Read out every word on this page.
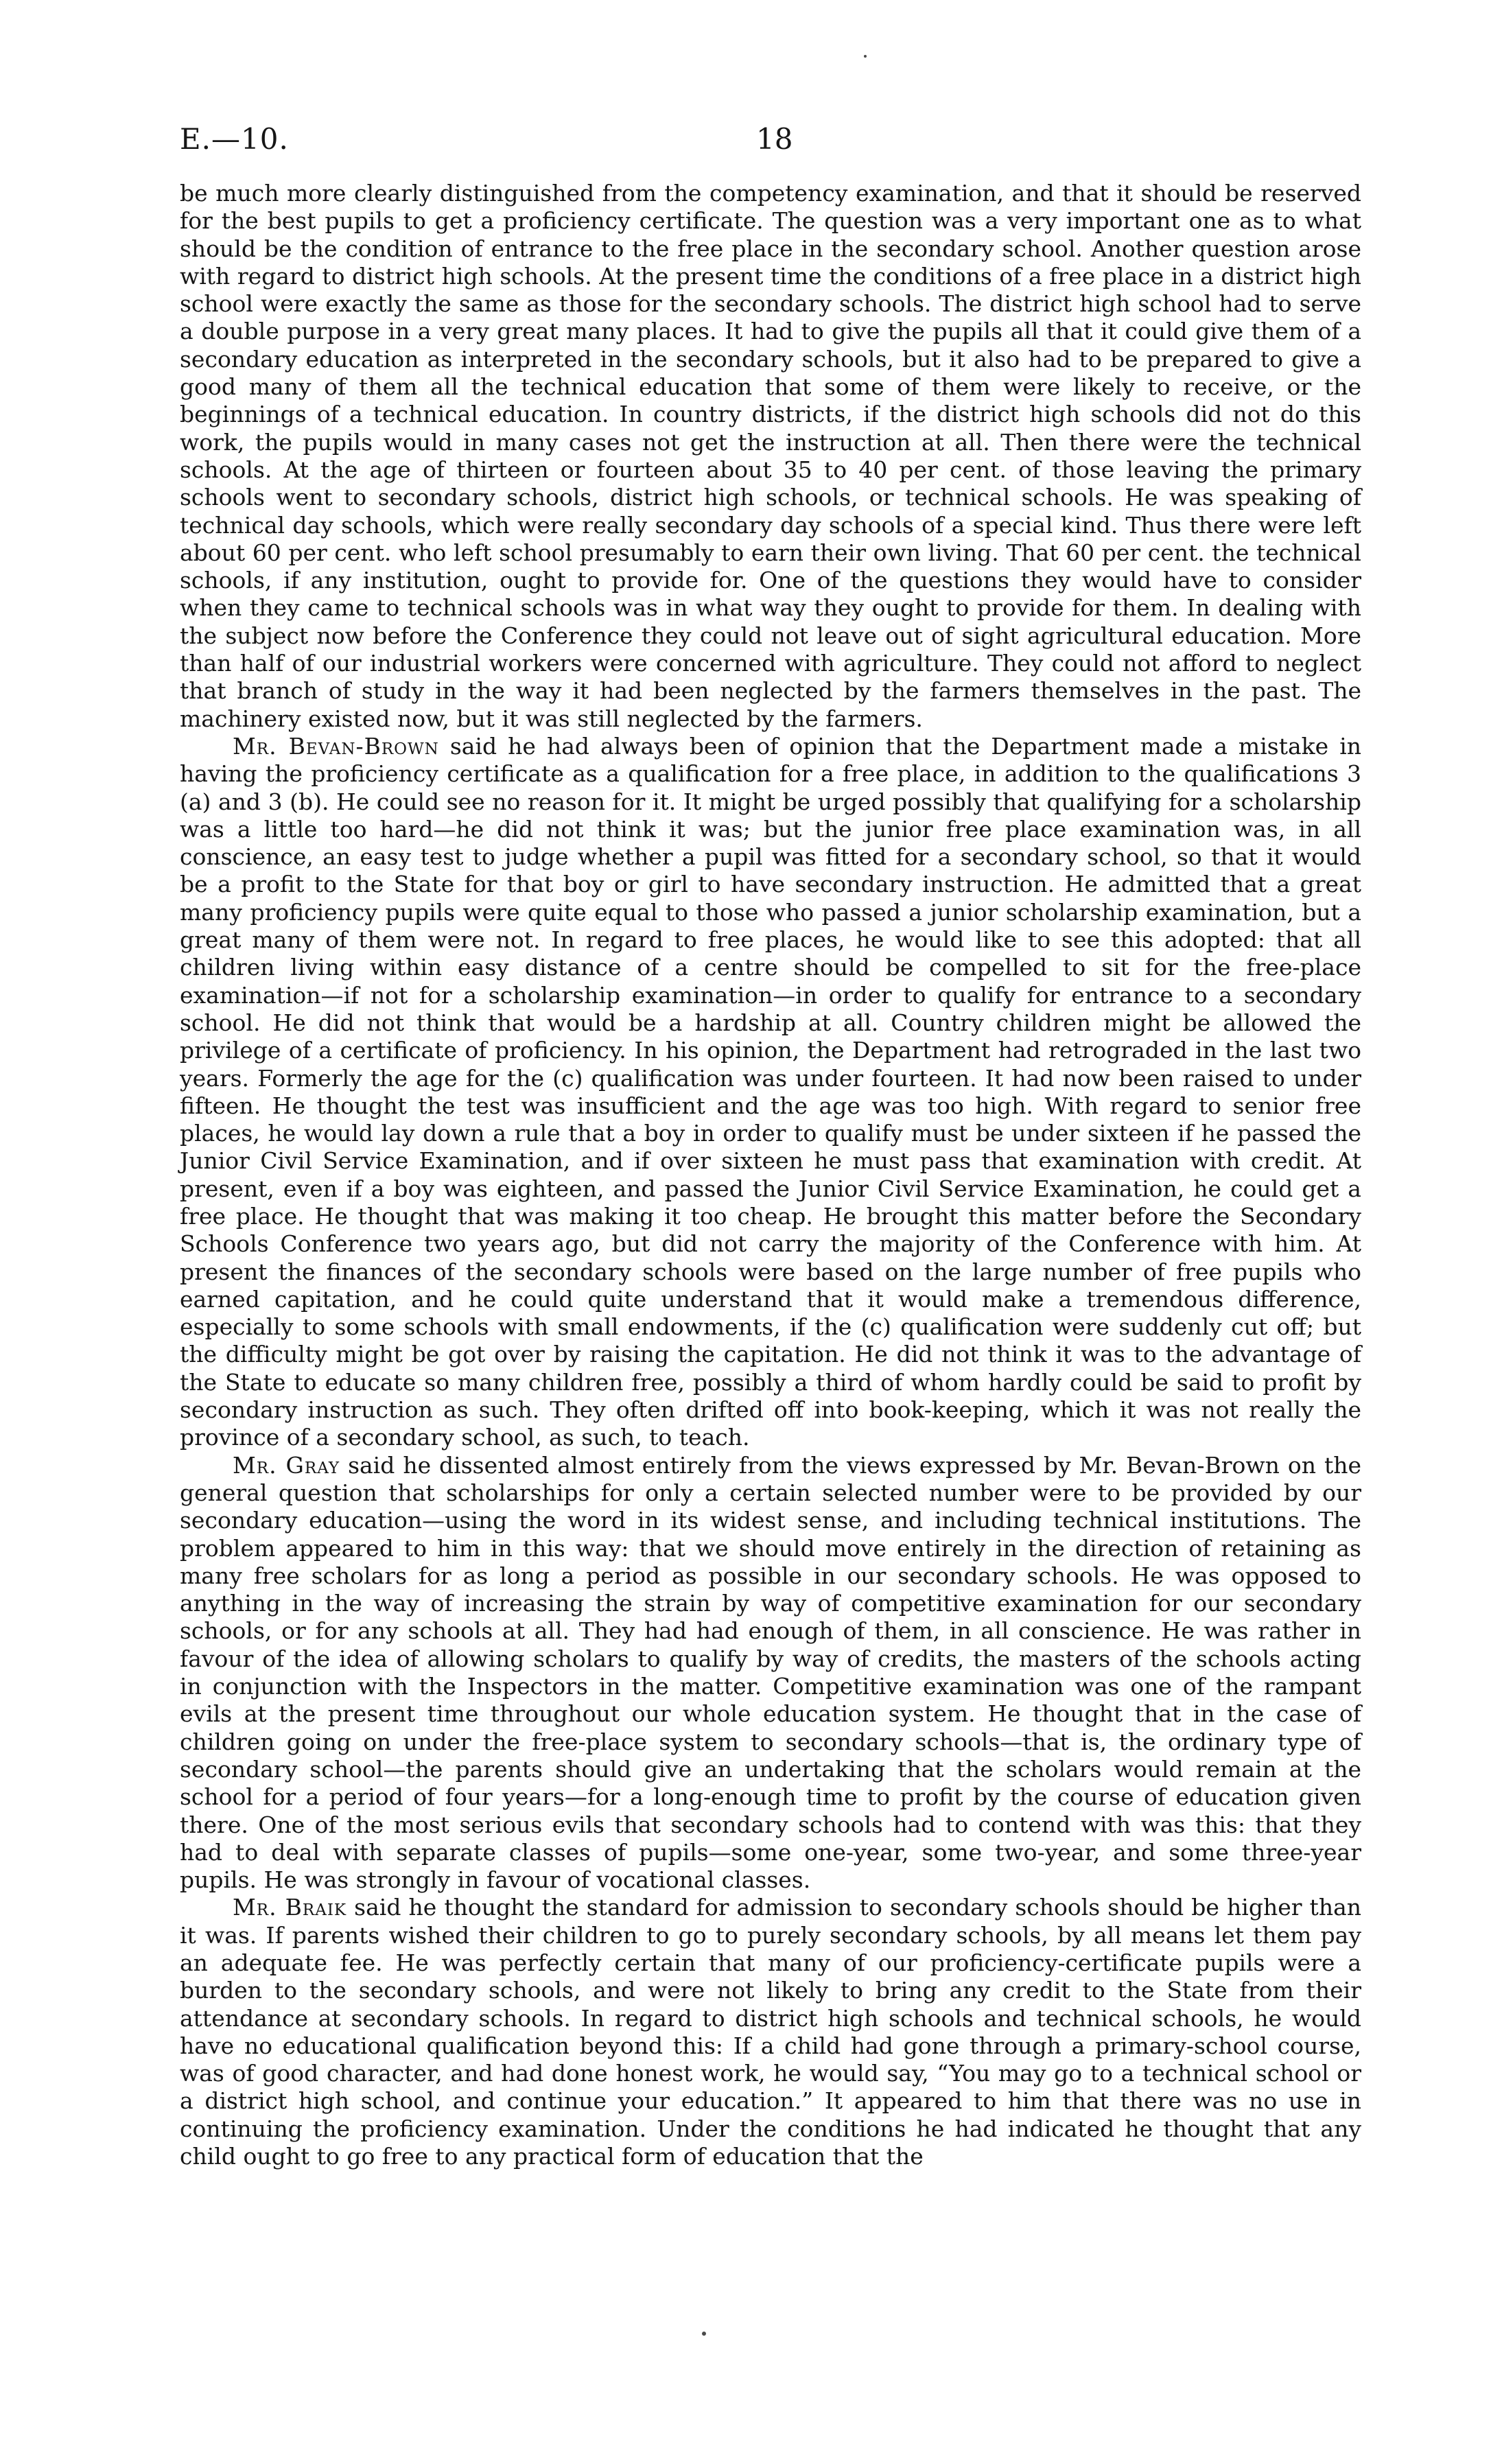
E.—10.	18

be much more clearly distinguished from the competency examination, and that it should be reserved for the best pupils to get a proficiency certificate. The question was a very important one as to what should be the condition of entrance to the free place in the secondary school. Another question arose with regard to district high schools. At the present time the conditions of a free place in a district high school were exactly the same as those for the secondary schools. The district high school had to serve a double purpose in a very great many places. It had to give the pupils all that it could give them of a secondary education as interpreted in the secondary schools, but it also had to be prepared to give a good many of them all the technical education that some of them were likely to receive, or the beginnings of a technical education. In country districts, if the district high schools did not do this work, the pupils would in many cases not get the instruction at all. Then there were the technical schools. At the age of thirteen or fourteen about 35 to 40 per cent. of those leaving the primary schools went to secondary schools, district high schools, or technical schools. He was speaking of technical day schools, which were really secondary day schools of a special kind. Thus there were left about 60 per cent. who left school presumably to earn their own living. That 60 per cent. the technical schools, if any institution, ought to provide for. One of the questions they would have to consider when they came to technical schools was in what way they ought to provide for them. In dealing with the subject now before the Conference they could not leave out of sight agricultural education. More than half of our industrial workers were concerned with agriculture. They could not afford to neglect that branch of study in the way it had been neglected by the farmers themselves in the past. The machinery existed now, but it was still neglected by the farmers.

Mr. Bevan-Brown said he had always been of opinion that the Department made a mistake in having the proficiency certificate as a qualification for a free place, in addition to the qualifications 3 (a) and 3 (b). He could see no reason for it. It might be urged possibly that qualifying for a scholarship was a little too hard—he did not think it was; but the junior free place examination was, in all conscience, an easy test to judge whether a pupil was fitted for a secondary school, so that it would be a profit to the State for that boy or girl to have secondary instruction. He admitted that a great many proficiency pupils were quite equal to those who passed a junior scholarship examination, but a great many of them were not. In regard to free places, he would like to see this adopted: that all children living within easy distance of a centre should be compelled to sit for the free-place examination—if not for a scholarship examination—in order to qualify for entrance to a secondary school. He did not think that would be a hardship at all. Country children might be allowed the privilege of a certificate of proficiency. In his opinion, the Department had retrograded in the last two years. Formerly the age for the (c) qualification was under fourteen. It had now been raised to under fifteen. He thought the test was insufficient and the age was too high. With regard to senior free places, he would lay down a rule that a boy in order to qualify must be under sixteen if he passed the Junior Civil Service Examination, and if over sixteen he must pass that examination with credit. At present, even if a boy was eighteen, and passed the Junior Civil Service Examination, he could get a free place. He thought that was making it too cheap. He brought this matter before the Secondary Schools Conference two years ago, but did not carry the majority of the Conference with him. At present the finances of the secondary schools were based on the large number of free pupils who earned capitation, and he could quite understand that it would make a tremendous difference, especially to some schools with small endowments, if the (c) qualification were suddenly cut off; but the difficulty might be got over by raising the capitation. He did not think it was to the advantage of the State to educate so many children free, possibly a third of whom hardly could be said to profit by secondary instruction as such. They often drifted off into book-keeping, which it was not really the province of a secondary school, as such, to teach.

Mr. Gray said he dissented almost entirely from the views expressed by Mr. Bevan-Brown on the general question that scholarships for only a certain selected number were to be provided by our secondary education—using the word in its widest sense, and including technical institutions. The problem appeared to him in this way: that we should move entirely in the direction of retaining as many free scholars for as long a period as possible in our secondary schools. He was opposed to anything in the way of increasing the strain by way of competitive examination for our secondary schools, or for any schools at all. They had had enough of them, in all conscience. He was rather in favour of the idea of allowing scholars to qualify by way of credits, the masters of the schools acting in conjunction with the Inspectors in the matter. Competitive examination was one of the rampant evils at the present time throughout our whole education system. He thought that in the case of children going on under the free-place system to secondary schools—that is, the ordinary type of secondary school—the parents should give an undertaking that the scholars would remain at the school for a period of four years—for a long-enough time to profit by the course of education given there. One of the most serious evils that secondary schools had to contend with was this: that they had to deal with separate classes of pupils—some one-year, some two-year, and some three-year pupils. He was strongly in favour of vocational classes.

Mr. Braik said he thought the standard for admission to secondary schools should be higher than it was. If parents wished their children to go to purely secondary schools, by all means let them pay an adequate fee. He was perfectly certain that many of our proficiency-certificate pupils were a burden to the secondary schools, and were not likely to bring any credit to the State from their attendance at secondary schools. In regard to district high schools and technical schools, he would have no educational qualification beyond this: If a child had gone through a primary-school course, was of good character, and had done honest work, he would say, “You may go to a technical school or a district high school, and continue your education.” It appeared to him that there was no use in continuing the proficiency examination. Under the conditions he had indicated he thought that any child ought to go free to any practical form of education that the
